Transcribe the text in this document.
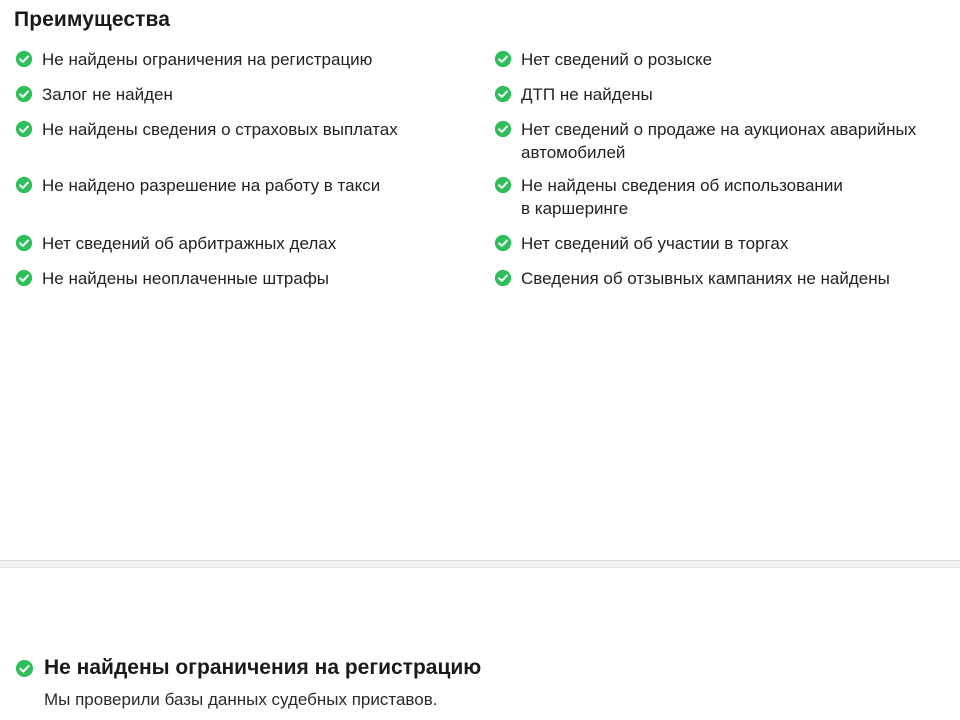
Преимущества
Не найдены ограничения на регистрацию
Залог не найден
Не найдены сведения о страховых выплатах
Не найдено разрешение на работу в такси
Нет сведений об арбитражных делах
Не найдены неоплаченные штрафы
Нет сведений о розыске
ДТП не найдены
Нет сведений о продаже на аукционах аварийных
автомобилей
Не найдены сведения об использовании
в каршеринге
Нет сведений об участии в торгах
Сведения об отзывных кампаниях не найдены
Не найдены ограничения на регистрацию
Мы проверили базы данных судебных приставов.
